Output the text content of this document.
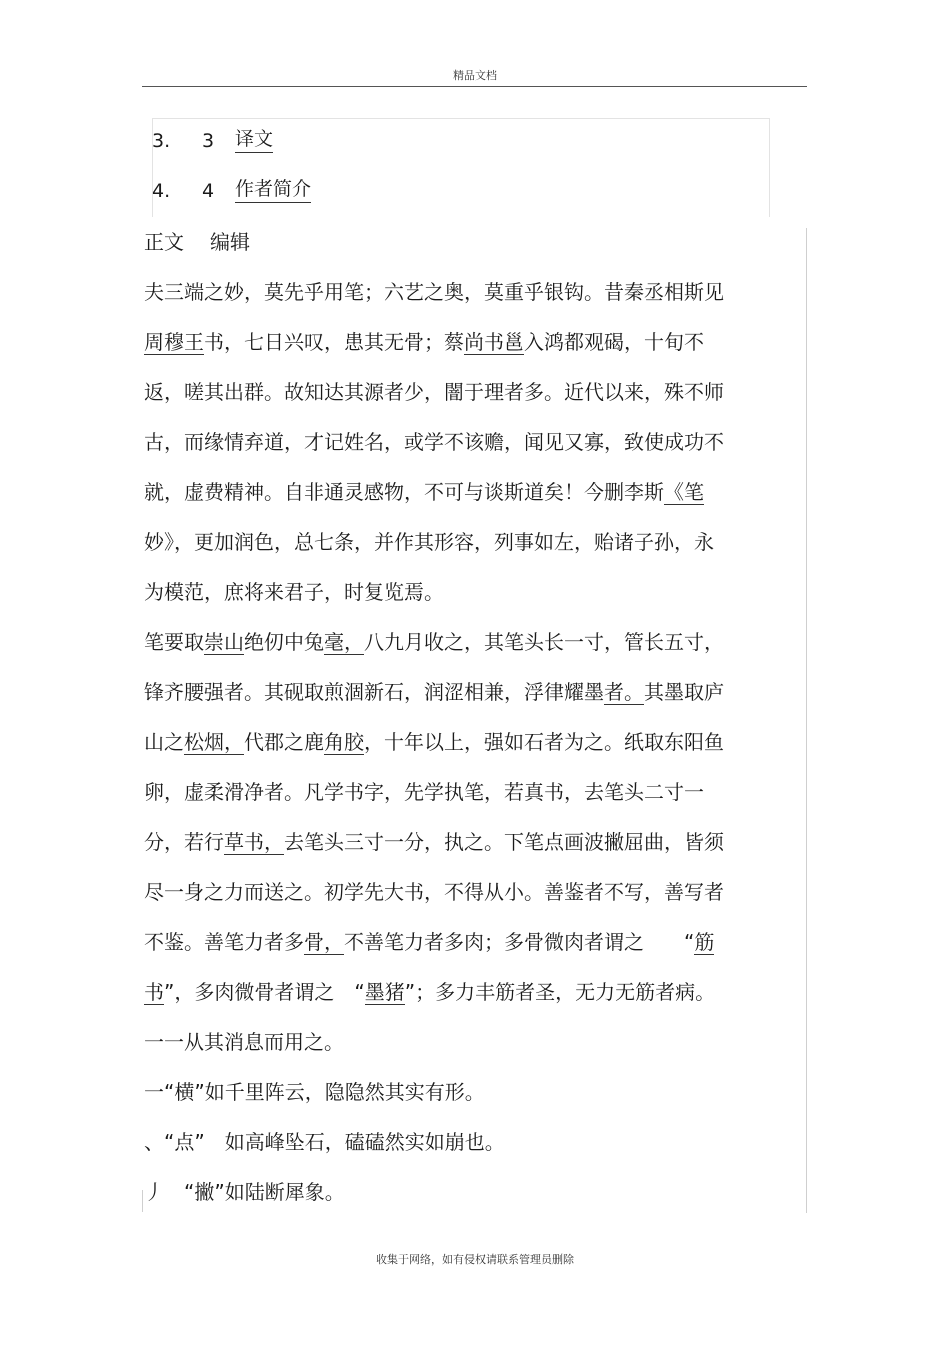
精品文档
3.	3	译文
4.	4	作者简介
正文 编辑
夫三端之妙，莫先乎用笔；六艺之奥，莫重乎银钩。昔秦丞相斯见
周穆王书，七日兴叹，患其无骨；蔡尚书邕入鸿都观碣，十旬不
返，嗟其出群。故知达其源者少，闇于理者多。近代以来，殊不师
古，而缘情弃道，才记姓名，或学不该赡，闻见又寡，致使成功不
就，虚费精神。自非通灵感物，不可与谈斯道矣！今删李斯《笔
妙》，更加润色，总七条，并作其形容，列事如左，贻诸子孙，永
为模范，庶将来君子，时复览焉。
笔要取崇山绝仞中兔毫，八九月收之，其笔头长一寸，管长五寸，
锋齐腰强者。其砚取煎涸新石，润涩相兼，浮律耀墨者。其墨取庐
山之松烟，代郡之鹿角胶，十年以上，强如石者为之。纸取东阳鱼
卵，虚柔滑净者。凡学书字，先学执笔，若真书，去笔头二寸一
分，若行草书，去笔头三寸一分，执之。下笔点画波撇屈曲，皆须
尽一身之力而送之。初学先大书，不得从小。善鉴者不写，善写者
不鉴。善笔力者多骨，不善笔力者多肉；多骨微肉者谓之　　“筋
书”，多肉微骨者谓之　“墨猪”；多力丰筋者圣，无力无筋者病。
一一从其消息而用之。
一“横”如千里阵云，隐隐然其实有形。
、“点”　如高峰坠石，磕磕然实如崩也。
丿　“撇”如陆断犀象。
收集于网络，如有侵权请联系管理员删除
